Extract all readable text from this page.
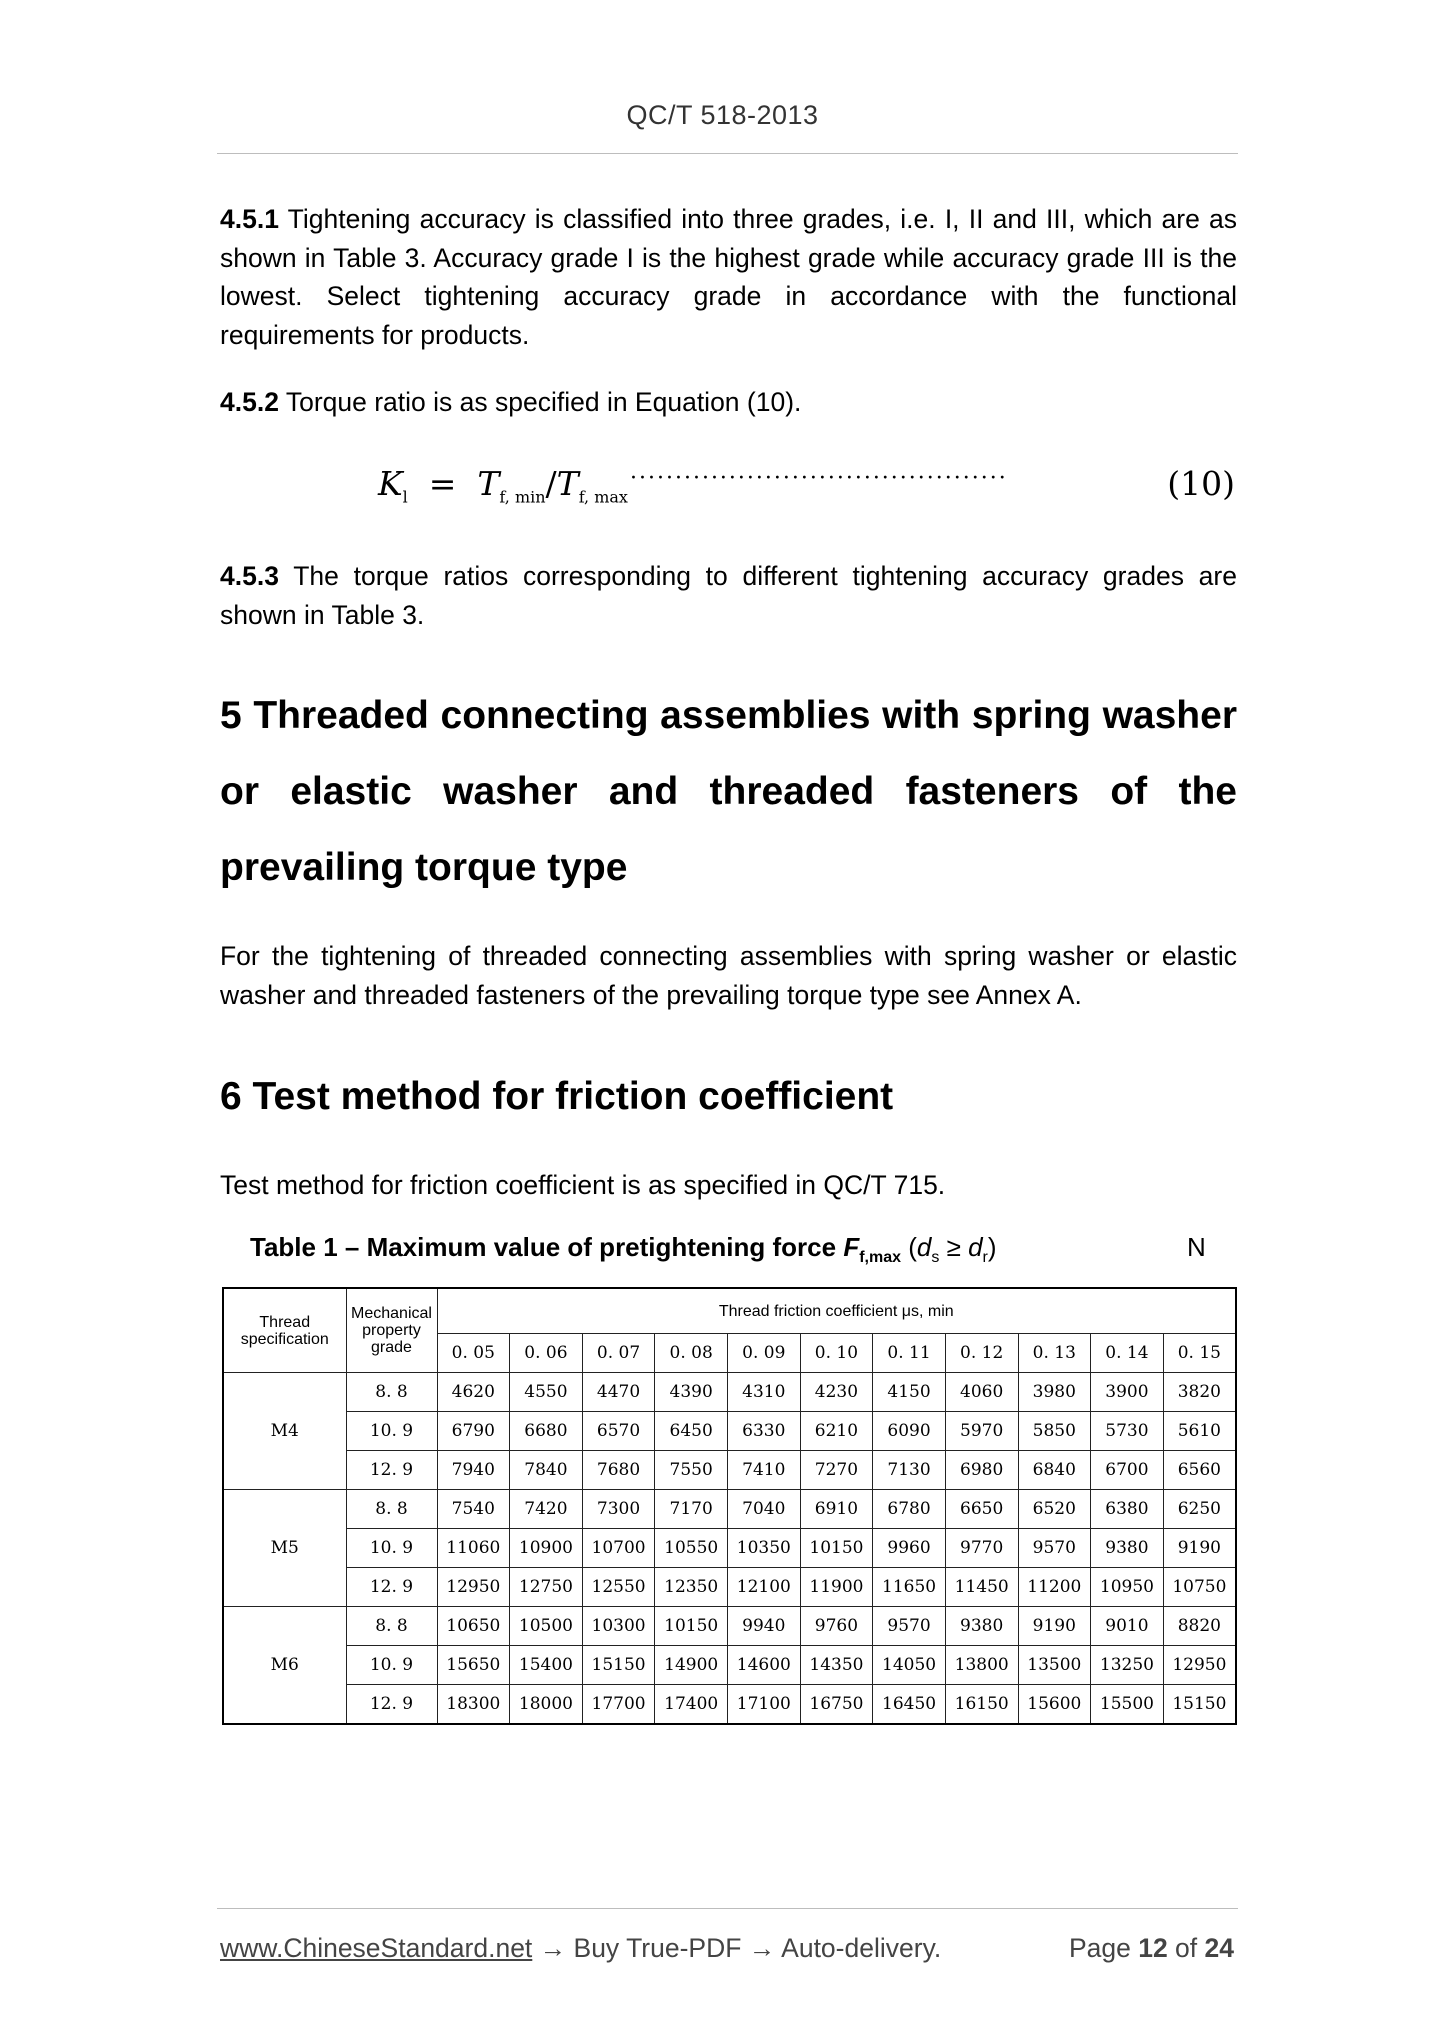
QC/T 518-2013
4.5.1 Tightening accuracy is classified into three grades, i.e. I, II and III, which are as shown in Table 3. Accuracy grade I is the highest grade while accuracy grade III is the lowest. Select tightening accuracy grade in accordance with the functional requirements for products.
4.5.2 Torque ratio is as specified in Equation (10).
$K_l = T_{f, min}/T_{f, max}$
··········································	(10)
4.5.3 The torque ratios corresponding to different tightening accuracy grades are shown in Table 3.
5 Threaded connecting assemblies with spring washer or elastic washer and threaded fasteners of the prevailing torque type
For the tightening of threaded connecting assemblies with spring washer or elastic washer and threaded fasteners of the prevailing torque type see Annex A.
6 Test method for friction coefficient
Test method for friction coefficient is as specified in QC/T 715.
Table 1 – Maximum value of pretightening force $F_{f,max}$ $(d_s \ge d_r)$	N
Thread specification	Mechanical property grade	Thread friction coefficient μs, min										
		0. 05	0. 06	0. 07	0. 08	0. 09	0. 10	0. 11	0. 12	0. 13	0. 14	0. 15
M4	8. 8	4620	4550	4470	4390	4310	4230	4150	4060	3980	3900	3820
	10. 9	6790	6680	6570	6450	6330	6210	6090	5970	5850	5730	5610
	12. 9	7940	7840	7680	7550	7410	7270	7130	6980	6840	6700	6560
M5	8. 8	7540	7420	7300	7170	7040	6910	6780	6650	6520	6380	6250
	10. 9	11060	10900	10700	10550	10350	10150	9960	9770	9570	9380	9190
	12. 9	12950	12750	12550	12350	12100	11900	11650	11450	11200	10950	10750
M6	8. 8	10650	10500	10300	10150	9940	9760	9570	9380	9190	9010	8820
	10. 9	15650	15400	15150	14900	14600	14350	14050	13800	13500	13250	12950
	12. 9	18300	18000	17700	17400	17100	16750	16450	16150	15600	15500	15150
www.ChineseStandard.net → Buy True-PDF → Auto-delivery.	Page 12 of 24
